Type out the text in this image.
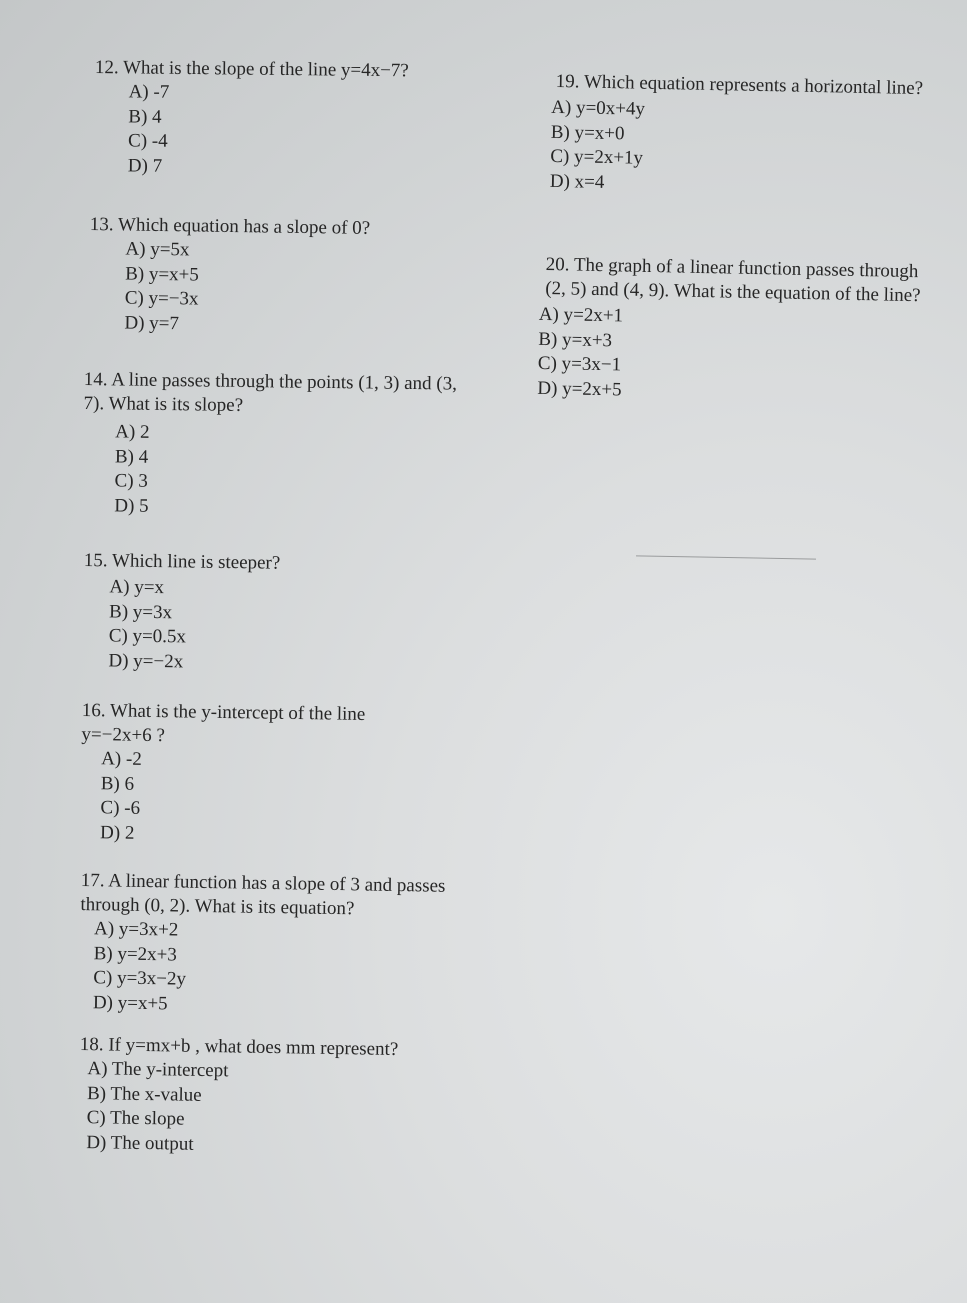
12. What is the slope of the line y=4x−7?

A) -7
B) 4
C) -4
D) 7

13. Which equation has a slope of 0?

A) y=5x
B) y=x+5
C) y=−3x
D) y=7

14. A line passes through the points (1, 3) and (3, 7). What is its slope?

A) 2
B) 4
C) 3
D) 5

15. Which line is steeper?

A) y=x
B) y=3x
C) y=0.5x
D) y=−2x

16. What is the y-intercept of the line y=−2x+6 ?

A) -2
B) 6
C) -6
D) 2

17. A linear function has a slope of 3 and passes through (0, 2). What is its equation?

A) y=3x+2
B) y=2x+3
C) y=3x−2y
D) y=x+5

18. If y=mx+b , what does mm represent?

A) The y-intercept
B) The x-value
C) The slope
D) The output

19. Which equation represents a horizontal line?

A) y=0x+4y
B) y=x+0
C) y=2x+1y
D) x=4

20. The graph of a linear function passes through (2, 5) and (4, 9). What is the equation of the line?

A) y=2x+1
B) y=x+3
C) y=3x−1
D) y=2x+5
